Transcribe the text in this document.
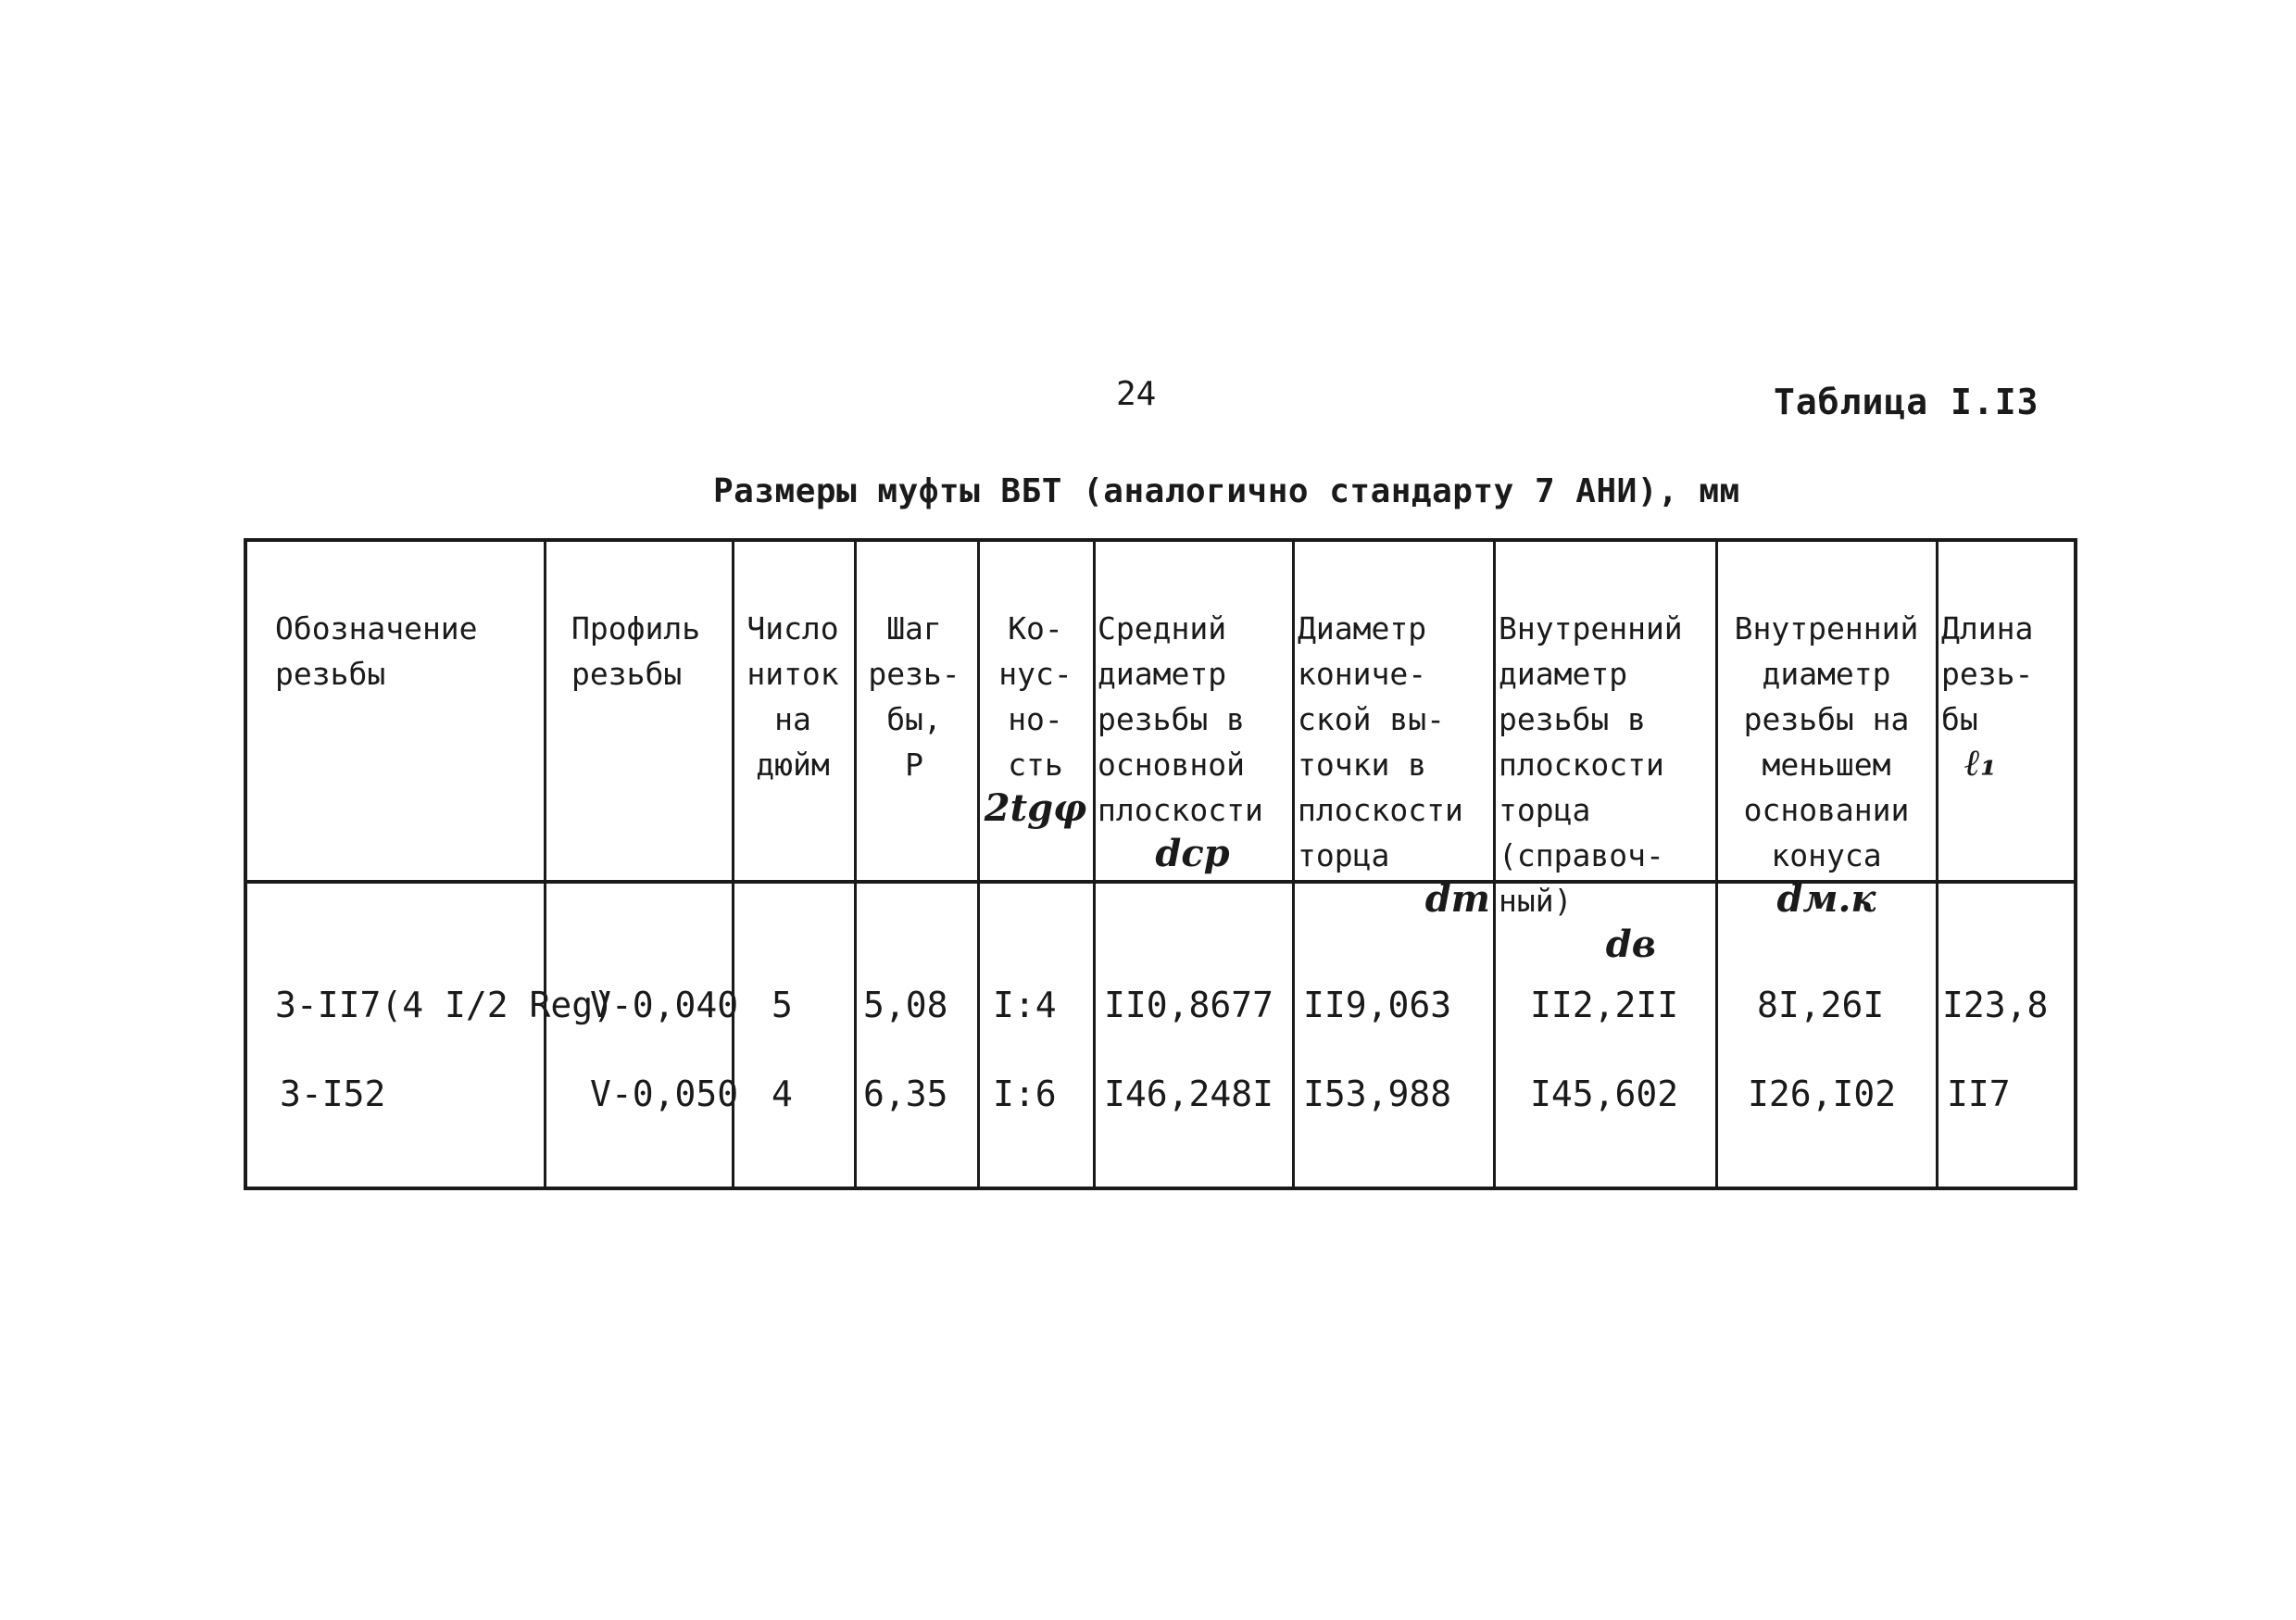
24	Таблица I.I3
Размеры муфты ВБТ (аналогично стандарту 7 АНИ), мм

Обозначение
резьбы

Профиль
резьбы

Число
ниток
на
дюйм

Шаг
резь-
бы,
Р

Ко-
нус-
но-
сть

2tgφ

Средний
диаметр
резьбы в
основной
плоскости

dср

Диаметр
кониче-
ской вы-
точки в
плоскости
торца

dт

Внутренний
диаметр
резьбы в
плоскости
торца
(справоч-
ный)

dв

Внутренний
диаметр
резьбы на
меньшем
основании
конуса

dм.к

Длина
резь-
бы

ℓ₁

3-II7(4 I/2 Reg)
V-0,040 5 5,08 I:4 II0,8677 II9,063 II2,2II 8I,26I I23,8
3-I52	V-0,050 4 6,35 I:6 I46,248I I53,988 I45,602 I26,I02 II7
